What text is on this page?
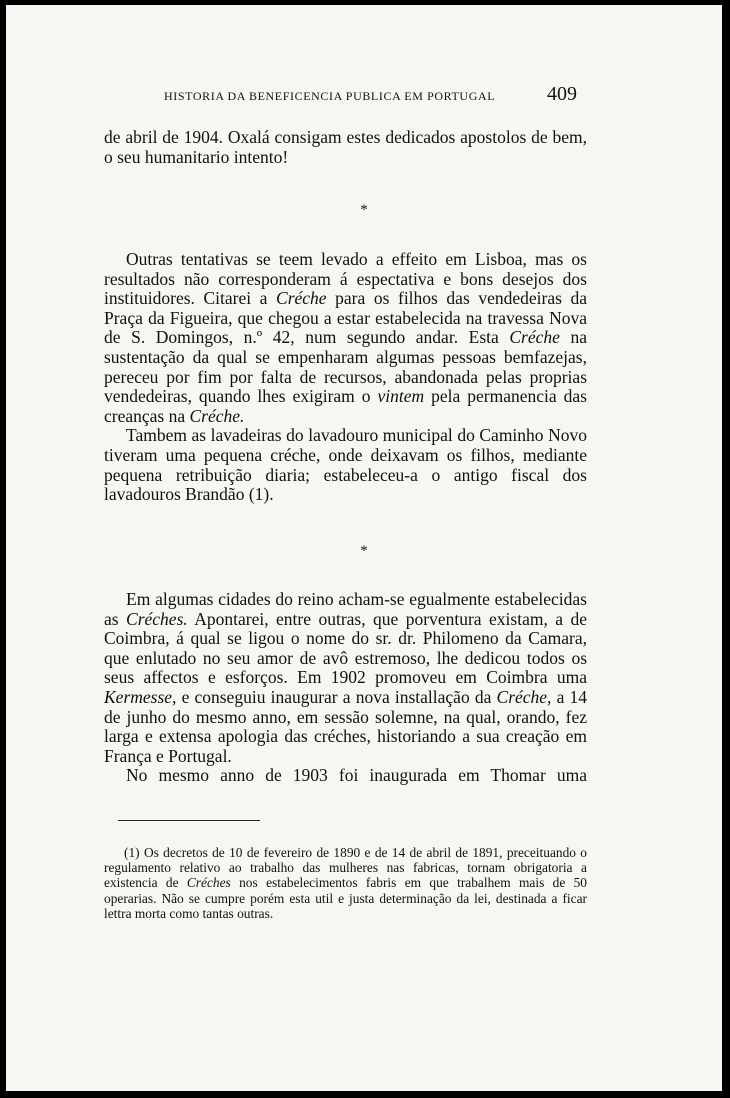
HISTORIA DA BENEFICENCIA PUBLICA EM PORTUGAL	409

de abril de 1904. Oxalá consigam estes dedicados apostolos de bem, o seu humanitario intento!

*

Outras tentativas se teem levado a effeito em Lisboa, mas os resultados não corresponderam á espectativa e bons desejos dos instituidores. Citarei a Créche para os filhos das vendedeiras da Praça da Figueira, que chegou a estar estabelecida na travessa Nova de S. Domingos, n.º 42, num segundo andar. Esta Créche na sustentação da qual se empenharam algumas pessoas bemfazejas, pereceu por fim por falta de recursos, abandonada pelas proprias vendedeiras, quando lhes exigiram o vintem pela permanencia das creanças na Créche.

Tambem as lavadeiras do lavadouro municipal do Caminho Novo tiveram uma pequena créche, onde deixavam os filhos, mediante pequena retribuição diaria; estabeleceu-a o antigo fiscal dos lavadouros Brandão (1).

*

Em algumas cidades do reino acham-se egualmente estabelecidas as Créches. Apontarei, entre outras, que porventura existam, a de Coimbra, á qual se ligou o nome do sr. dr. Philomeno da Camara, que enlutado no seu amor de avô estremoso, lhe dedicou todos os seus affectos e esforços. Em 1902 promoveu em Coimbra uma Kermesse, e conseguiu inaugurar a nova installação da Créche, a 14 de junho do mesmo anno, em sessão solemne, na qual, orando, fez larga e extensa apologia das créches, historiando a sua creação em França e Portugal.

No mesmo anno de 1903 foi inaugurada em Thomar uma

(1) Os decretos de 10 de fevereiro de 1890 e de 14 de abril de 1891, preceituando o regulamento relativo ao trabalho das mulheres nas fabricas, tornam obrigatoria a existencia de Créches nos estabelecimentos fabris em que trabalhem mais de 50 operarias. Não se cumpre porém esta util e justa determinação da lei, destinada a ficar lettra morta como tantas outras.
